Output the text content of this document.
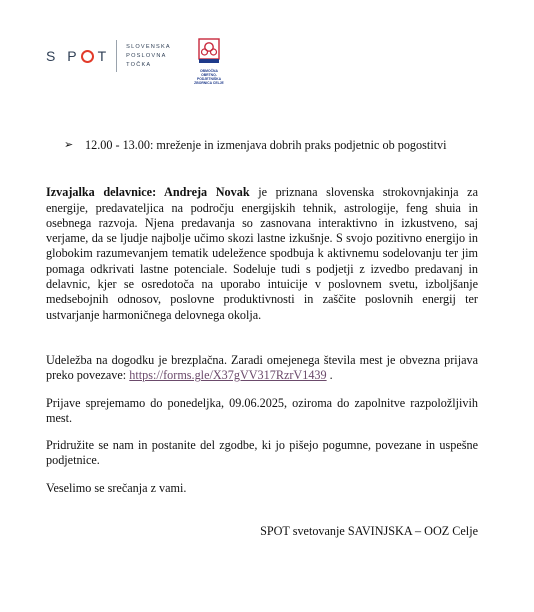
S P T
SLOVENSKA
POSLOVNA
TOČKA
OBMOČNA
OBRTNO-PODJETNIŠKA
ZBORNICA CELJE
➢ 12.00 - 13.00: mreženje in izmenjava dobrih praks podjetnic ob pogostitvi

Izvajalka delavnice: Andreja Novak je priznana slovenska strokovnjakinja za energije, predavateljica na področju energijskih tehnik, astrologije, feng shuia in osebnega razvoja. Njena predavanja so zasnovana interaktivno in izkustveno, saj verjame, da se ljudje najbolje učimo skozi lastne izkušnje. S svojo pozitivno energijo in globokim razumevanjem tematik udeležence spodbuja k aktivnemu sodelovanju ter jim pomaga odkrivati lastne potenciale. Sodeluje tudi s podjetji z izvedbo predavanj in delavnic, kjer se osredotoča na uporabo intuicije v poslovnem svetu, izboljšanje medsebojnih odnosov, poslovne produktivnosti in zaščite poslovnih energij ter ustvarjanje harmoničnega delovnega okolja.

Udeležba na dogodku je brezplačna. Zaradi omejenega števila mest je obvezna prijava preko povezave: https://forms.gle/X37gVV317RzrV1439 .

Prijave sprejemamo do ponedeljka, 09.06.2025, oziroma do zapolnitve razpoložljivih mest.

Pridružite se nam in postanite del zgodbe, ki jo pišejo pogumne, povezane in uspešne podjetnice.

Veselimo se srečanja z vami.

SPOT svetovanje SAVINJSKA – OOZ Celje
